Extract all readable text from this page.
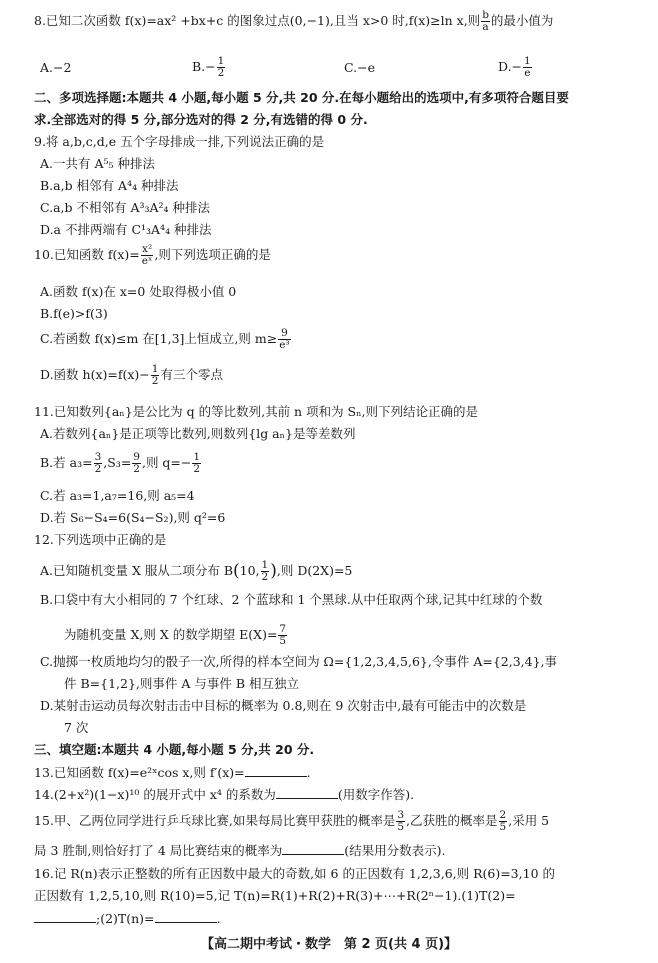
8.已知二次函数 f(x)=ax² +bx+c 的图象过点(0,−1),且当 x>0 时,f(x)≥ln x,则 $\frac{b}{a}$ 的最小值为
A.−2	$B.- \frac{1}{2}$	C.−e	$D.- \frac{1}{e}$
二、多项选择题:本题共 4 小题,每小题 5 分,共 20 分.在每小题给出的选项中,有多项符合题目要
求.全部选对的得 5 分,部分选对的得 2 分,有选错的得 0 分.
9.将 a,b,c,d,e 五个字母排成一排,下列说法正确的是
A.一共有 A⁵₅ 种排法
B.a,b 相邻有 A⁴₄ 种排法
C.a,b 不相邻有 A³₃A²₄ 种排法
D.a 不排两端有 C¹₃A⁴₄ 种排法
10.已知函数 $f(x)= \frac{\text{x²}}{\text{eˣ}}$ ,则下列选项正确的是
A.函数 f(x)在 x=0 处取得极小值 0
B.f(e)>f(3)
C.若函数 f(x)≤m 在[1,3]上恒成立,则 $m\ge \frac{9}{\text{e³}}$
D.函数 $h(x)=f(x)- \frac{1}{2}$ 有三个零点
11.已知数列{aₙ}是公比为 q 的等比数列,其前 n 项和为 Sₙ,则下列结论正确的是
A.若数列{aₙ}是正项等比数列,则数列{lg aₙ}是等差数列
B.若 $a_3= \frac{3}{2} ,S_3= \frac{9}{2}$ ,则 $q=- \frac{1}{2}$
C.若 a₃=1,a₇=16,则 a₅=4
D.若 S₆−S₄=6(S₄−S₂),则 q²=6
12.下列选项中正确的是
A.已知随机变量 X 服从二项分布 B(10, $\frac{1}{2}$ ),则 D(2X)=5
B.口袋中有大小相同的 7 个红球、2 个蓝球和 1 个黑球.从中任取两个球,记其中红球的个数
为随机变量 X,则 X 的数学期望 $E(X)= \frac{7}{5}$
C.抛掷一枚质地均匀的骰子一次,所得的样本空间为 Ω={1,2,3,4,5,6},令事件 A={2,3,4},事
件 B={1,2},则事件 A 与事件 B 相互独立
D.某射击运动员每次射击击中目标的概率为 0.8,则在 9 次射击中,最有可能击中的次数是
7 次
三、填空题:本题共 4 小题,每小题 5 分,共 20 分.
13.已知函数 f(x)=e²ˣcos x,则 f′(x)=	.
14.(2+x²)(1−x)¹⁰ 的展开式中 x⁴ 的系数为	(用数字作答).
15.甲、乙两位同学进行乒乓球比赛,如果每局比赛甲获胜的概率是 $\frac{3}{5}$ ,乙获胜的概率是 $\frac{2}{5}$ ,采用 5
局 3 胜制,则恰好打了 4 局比赛结束的概率为	(结果用分数表示).
16.记 R(n)表示正整数的所有正因数中最大的奇数,如 6 的正因数有 1,2,3,6,则 R(6)=3,10 的
正因数有 1,2,5,10,则 R(10)=5,记 T(n)=R(1)+R(2)+R(3)+⋯+R(2ⁿ−1).(1)T(2)=
;(2)T(n)=	.
【高二期中考试・数学　第 2 页(共 4 页)】
